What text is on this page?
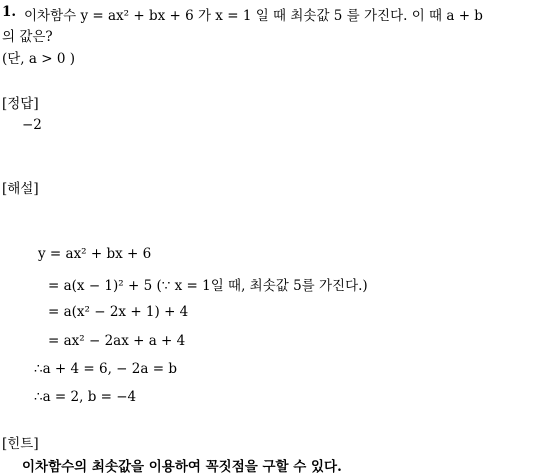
1. 이차함수 y = ax² + bx + 6 가 x = 1 일 때 최솟값 5 를 가진다. 이 때 a + b
의 값은?
(단, a > 0 )
[정답]
−2
[해설]
y = ax² + bx + 6
= a(x − 1)² + 5 (∵ x = 1일 때, 최솟값 5를 가진다.)
= a(x² − 2x + 1) + 4
= ax² − 2ax + a + 4
∴a + 4 = 6, − 2a = b
∴a = 2, b = −4
[힌트]
이차함수의 최솟값을 이용하여 꼭짓점을 구할 수 있다.
